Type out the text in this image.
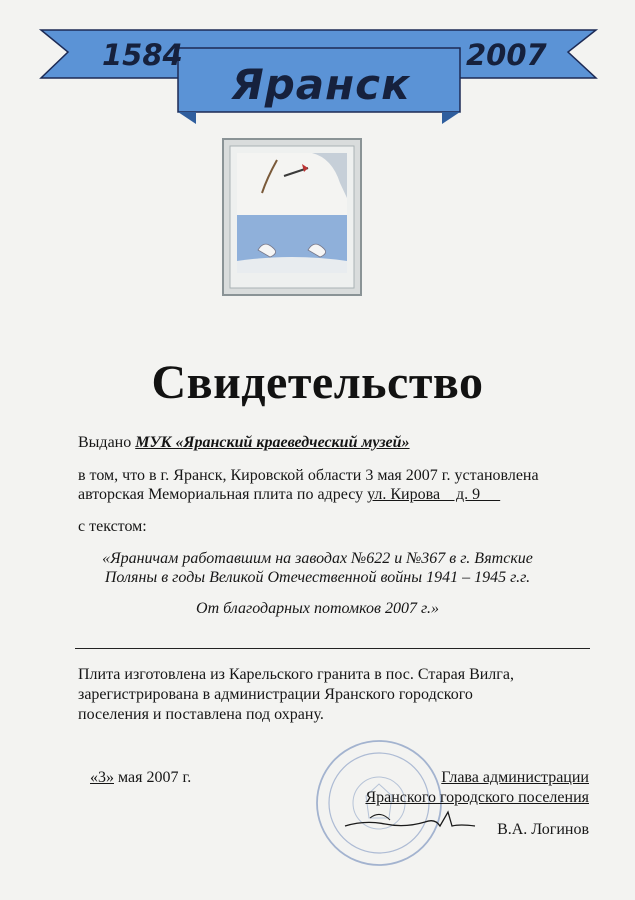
1584	2007
Яранск
Свидетельство
Выдано МУК «Яранский краеведческий музей»
в том, что в г. Яранск, Кировской области 3 мая 2007 г. установлена
авторская Мемориальная плита по адресу ул. Кирова    д. 9
с текстом:
«Яраничам работавшим на заводах №622 и №367 в г. Вятские
Поляны в годы Великой Отечественной войны 1941 – 1945 г.г.
От благодарных потомков 2007 г.»
Плита изготовлена из Карельского гранита в пос. Старая Вилга,
зарегистрирована в администрации Яранского городского
поселения и поставлена под охрану.
«3» мая 2007 г.	Глава администрации
Яранского городского поселения
В.А. Логинов
